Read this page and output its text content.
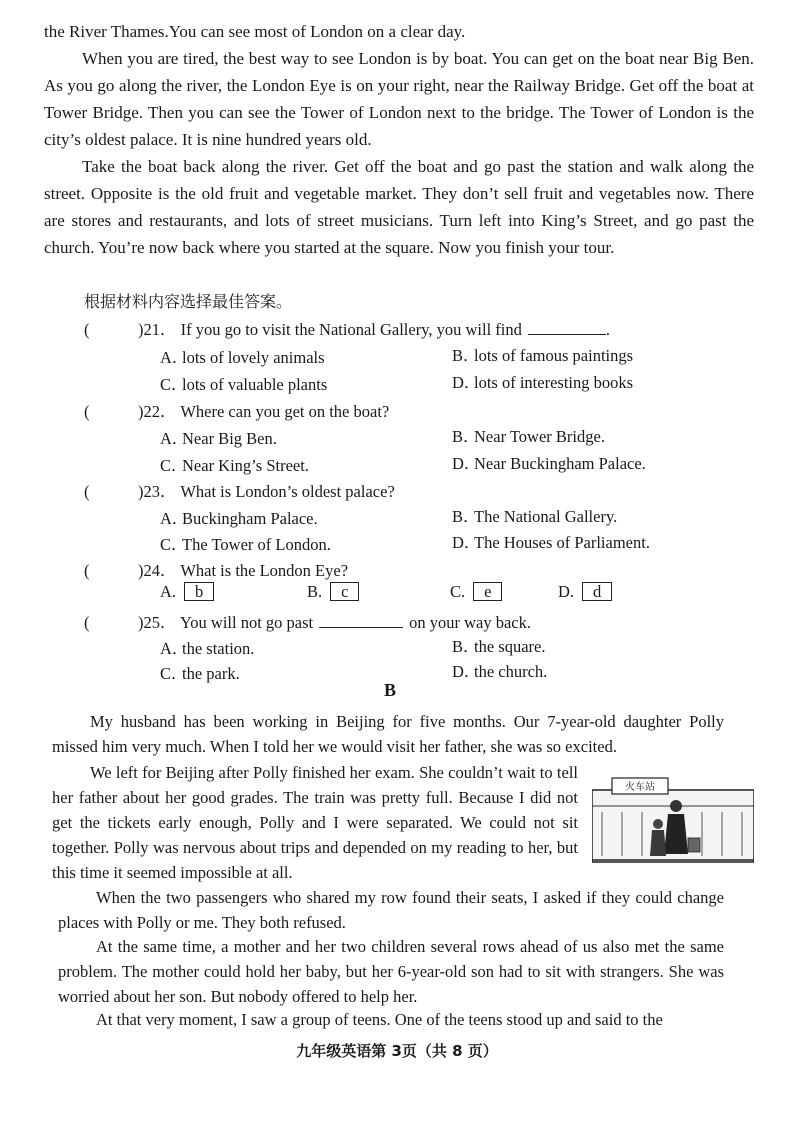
the River Thames.You can see most of London on a clear day.

When you are tired, the best way to see London is by boat. You can get on the boat near Big Ben. As you go along the river, the London Eye is on your right, near the Railway Bridge. Get off the boat at Tower Bridge. Then you can see the Tower of London next to the bridge. The Tower of London is the city’s oldest palace. It is nine hundred years old.

Take the boat back along the river. Get off the boat and go past the station and walk along the street. Opposite is the old fruit and vegetable market. They don’t sell fruit and vegetables now. There are stores and restaurants, and lots of street musicians. Turn left into King’s Street, and go past the church. You’re now back where you started at the square. Now you finish your tour.

根据材料内容选择最佳答案。
(	)21． If you go to visit the National Gallery, you will find	.
A．lots of lovely animals	B．lots of famous paintings
C．lots of valuable plants	D．lots of interesting books
(	)22． Where can you get on the boat?
A．Near Big Ben.	B．Near Tower Bridge.
C．Near King’s Street.	D．Near Buckingham Palace.
(	)23． What is London’s oldest palace?
A．Buckingham Palace.	B．The National Gallery.
C．The Tower of London.	D．The Houses of Parliament.
(	)24． What is the London Eye?
A. b	B. c	C. e	D. d
(	)25． You will not go past	on your way back.
A．the station.	B．the square.
C．the park.	D．the church.
B

My husband has been working in Beijing for five months. Our 7-year-old daughter Polly missed him very much. When I told her we would visit her father, she was so excited.

We left for Beijing after Polly finished her exam. She couldn’t wait to tell her father about her good grades. The train was pretty full. Because I did not get the tickets early enough, Polly and I were separated. We could not sit together. Polly was nervous about trips and depended on my reading to her, but this time it seemed impossible at all.

火车站

When the two passengers who shared my row found their seats, I asked if they could change places with Polly or me. They both refused.

At the same time, a mother and her two children several rows ahead of us also met the same problem. The mother could hold her baby, but her 6-year-old son had to sit with strangers. She was worried about her son. But nobody offered to help her.

At that very moment, I saw a group of teens. One of the teens stood up and said to the

九年级英语第 3页（共 8 页）
